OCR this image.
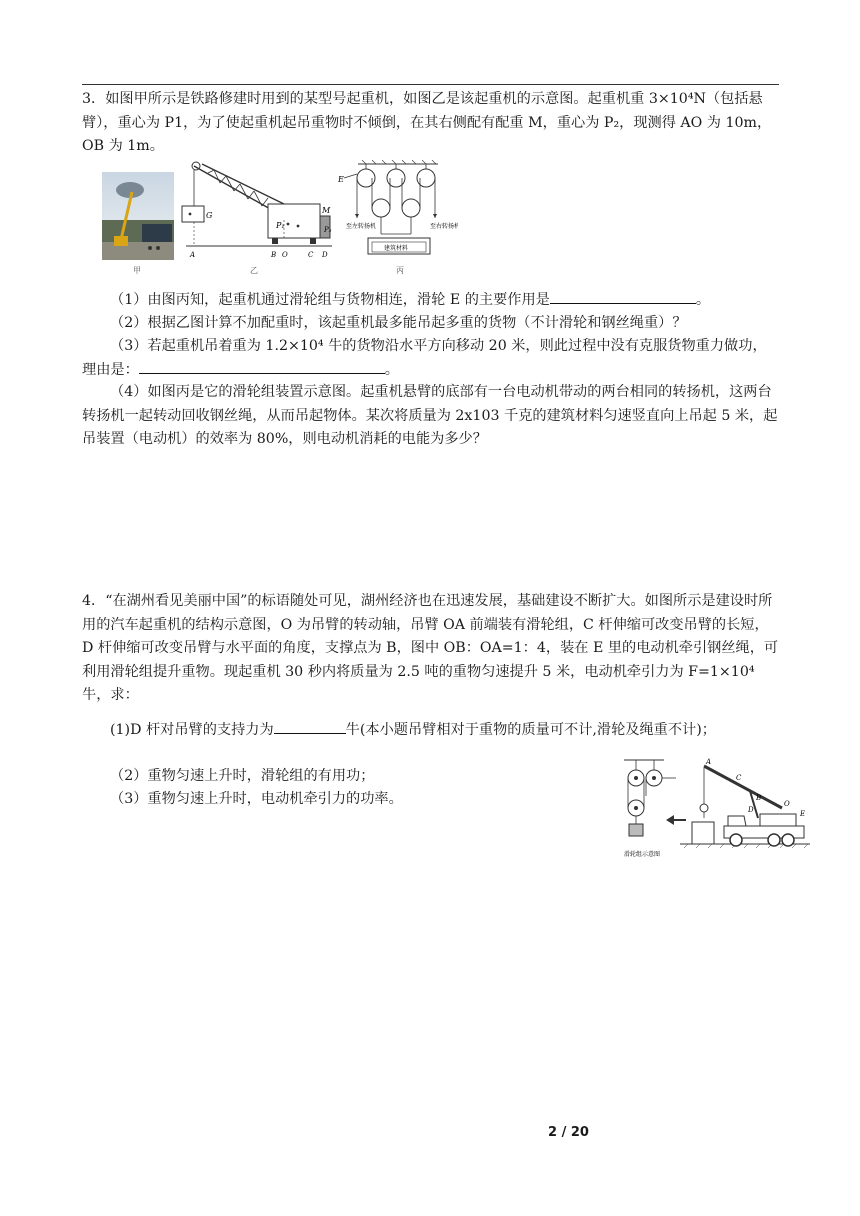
3．如图甲所示是铁路修建时用到的某型号起重机，如图乙是该起重机的示意图。起重机重 3×10⁴N（包括悬臂），重心为 P1，为了使起重机起吊重物时不倾倒，在其右侧配有配重 M，重心为 P₂，现测得 AO 为 10m，OB 为 1m。

甲
G
M
P₁	P₂
A	B O	C D
乙
E
至左转扬机	至右转扬机
建筑材料
丙

（1）由图丙知，起重机通过滑轮组与货物相连，滑轮 E 的主要作用是	。

（2）根据乙图计算不加配重时，该起重机最多能吊起多重的货物（不计滑轮和钢丝绳重）？

（3）若起重机吊着重为 1.2×10⁴ 牛的货物沿水平方向移动 20 米，则此过程中没有克服货物重力做功，理由是：	。

（4）如图丙是它的滑轮组装置示意图。起重机悬臂的底部有一台电动机带动的两台相同的转扬机，这两台转扬机一起转动回收钢丝绳，从而吊起物体。某次将质量为 2x103 千克的建筑材料匀速竖直向上吊起 5 米，起吊装置（电动机）的效率为 80%，则电动机消耗的电能为多少？

4．“在湖州看见美丽中国”的标语随处可见，湖州经济也在迅速发展，基础建设不断扩大。如图所示是建设时所用的汽车起重机的结构示意图，O 为吊臂的转动轴，吊臂 OA 前端装有滑轮组，C 杆伸缩可改变吊臂的长短，D 杆伸缩可改变吊臂与水平面的角度，支撑点为 B，图中 OB：OA=1：4，装在 E 里的电动机牵引钢丝绳，可利用滑轮组提升重物。现起重机 30 秒内将质量为 2.5 吨的重物匀速提升 5 米，电动机牵引力为 F=1×10⁴ 牛，求：

(1)D 杆对吊臂的支持力为	牛(本小题吊臂相对于重物的质量可不计,滑轮及绳重不计)；

（2）重物匀速上升时，滑轮组的有用功；

（3）重物匀速上升时，电动机牵引力的功率。

滑轮组示意图
A
C
B
D
O
E
2 / 20
